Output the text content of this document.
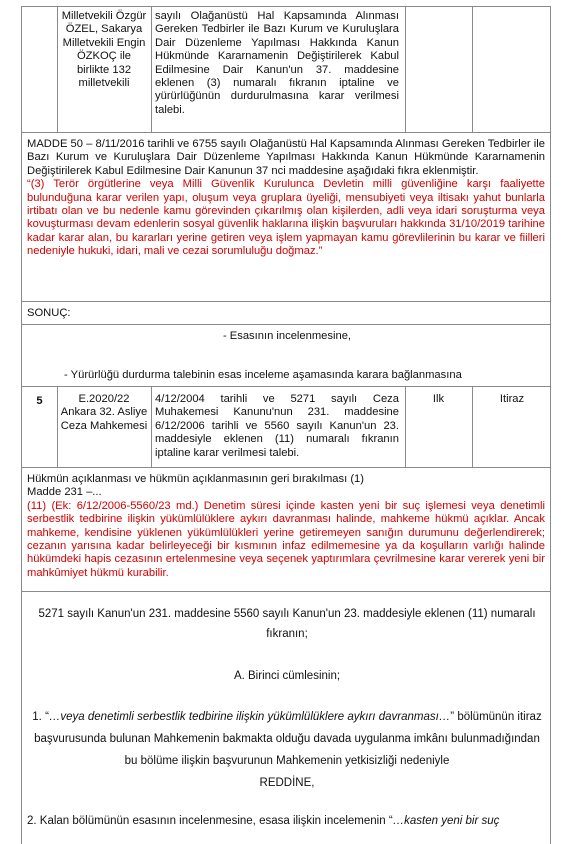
Milletvekili Özgür ÖZEL, Sakarya Milletvekili Engin ÖZKOÇ ile birlikte 132 milletvekili
sayılı Olağanüstü Hal Kapsamında Alınması Gereken Tedbirler ile Bazı Kurum ve Kuruluşlara Dair Düzenleme Yapılması Hakkında Kanun Hükmünde Kararnamenin Değiştirilerek Kabul Edilmesine Dair Kanun'un 37. maddesine eklenen (3) numaralı fıkranın iptaline ve yürürlüğünün durdurulmasına karar verilmesi talebi.

MADDE 50 – 8/11/2016 tarihli ve 6755 sayılı Olağanüstü Hal Kapsamında Alınması Gereken Tedbirler ile Bazı Kurum ve Kuruluşlara Dair Düzenleme Yapılması Hakkında Kanun Hükmünde Kararnamenin Değiştirilerek Kabul Edilmesine Dair Kanunun 37 nci maddesine aşağıdaki fıkra eklenmiştir.

“(3) Terör örgütlerine veya Milli Güvenlik Kurulunca Devletin milli güvenliğine karşı faaliyette bulunduğuna karar verilen yapı, oluşum veya gruplara üyeliği, mensubiyeti veya iltisakı yahut bunlarla irtibatı olan ve bu nedenle kamu görevinden çıkarılmış olan kişilerden, adli veya idari soruşturma veya kovuşturması devam edenlerin sosyal güvenlik haklarına ilişkin başvuruları hakkında 31/10/2019 tarihine kadar karar alan, bu kararları yerine getiren veya işlem yapmayan kamu görevlilerinin bu karar ve fiilleri nedeniyle hukuki, idari, mali ve cezai sorumluluğu doğmaz.”

SONUÇ:
- Esasının incelenmesine,
- Yürürlüğü durdurma talebinin esas inceleme aşamasında karara bağlanmasına
5	E.2020/22 Ankara 32. Asliye Ceza Mahkemesi
4/12/2004 tarihli ve 5271 sayılı Ceza Muhakemesi Kanunu'nun 231. maddesine 6/12/2006 tarihli ve 5560 sayılı Kanun'un 23. maddesiyle eklenen (11) numaralı fıkranın iptaline karar verilmesi talebi.
Ilk	Itiraz

Hükmün açıklanması ve hükmün açıklanmasının geri bırakılması (1)

Madde 231 –...

(11) (Ek: 6/12/2006-5560/23 md.) Denetim süresi içinde kasten yeni bir suç işlemesi veya denetimli serbestlik tedbirine ilişkin yükümlülüklere aykırı davranması halinde, mahkeme hükmü açıklar. Ancak mahkeme, kendisine yüklenen yükümlülükleri yerine getiremeyen sanığın durumunu değerlendirerek; cezanın yarısına kadar belirleyeceği bir kısmının infaz edilmemesine ya da koşulların varlığı halinde hükümdeki hapis cezasının ertelenmesine veya seçenek yaptırımlara çevrilmesine karar vererek yeni bir mahkûmiyet hükmü kurabilir.

5271 sayılı Kanun'un 231. maddesine 5560 sayılı Kanun'un 23. maddesiyle eklenen (11) numaralı fıkranın;

A. Birinci cümlesinin;

1. “…veya denetimli serbestlik tedbirine ilişkin yükümlülüklere aykırı davranması…” bölümünün itiraz başvurusunda bulunan Mahkemenin bakmakta olduğu davada uygulanma imkânı bulunmadığından bu bölüme ilişkin başvurunun Mahkemenin yetkisizliği nedeniyle

REDDİNE,

2. Kalan bölümünün esasının incelenmesine, esasa ilişkin incelemenin “…kasten yeni bir suç
